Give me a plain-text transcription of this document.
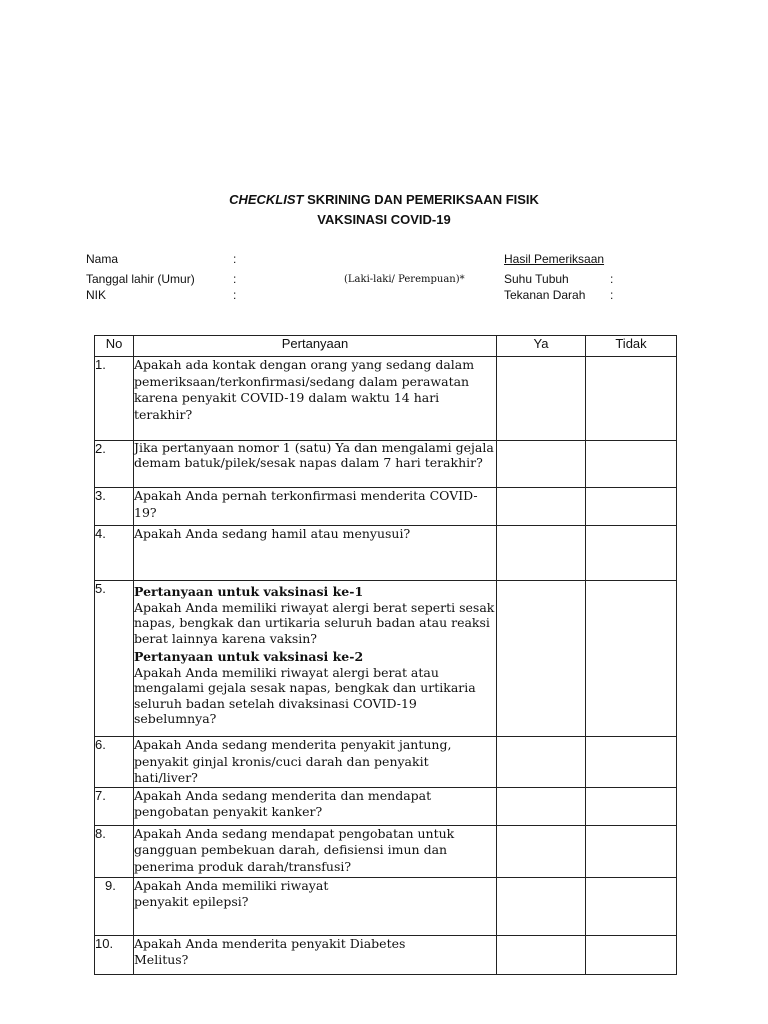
CHECKLIST SKRINING DAN PEMERIKSAAN FISIK
VAKSINASI COVID-19
Nama	:	Hasil Pemeriksaan
Tanggal lahir (Umur)	:	(Laki-laki/ Perempuan)*	Suhu Tubuh	:
NIK	:	Tekanan Darah :
No	Pertanyaan	Ya	Tidak
1.	Apakah ada kontak dengan orang yang sedang dalam pemeriksaan/terkonfirmasi/sedang dalam perawatan karena penyakit COVID-19 dalam waktu 14 hari terakhir?		
2.	Jika pertanyaan nomor 1 (satu) Ya dan mengalami gejala demam batuk/pilek/sesak napas dalam 7 hari terakhir?		
3.	Apakah Anda pernah terkonfirmasi menderita COVID-19?		
4.	Apakah Anda sedang hamil atau menyusui?		
5.	Pertanyaan untuk vaksinasi ke-1
Apakah Anda memiliki riwayat alergi berat seperti sesak napas, bengkak dan urtikaria seluruh badan atau reaksi berat lainnya karena vaksin?
Pertanyaan untuk vaksinasi ke-2
Apakah Anda memiliki riwayat alergi berat atau mengalami gejala sesak napas, bengkak dan urtikaria seluruh badan setelah divaksinasi COVID-19 sebelumnya?		

6.	Apakah Anda sedang menderita penyakit jantung, penyakit ginjal kronis/cuci darah dan penyakit hati/liver?		
7.	Apakah Anda sedang menderita dan mendapat pengobatan penyakit kanker?		
8.	Apakah Anda sedang mendapat pengobatan untuk gangguan pembekuan darah, defisiensi imun dan penerima produk darah/transfusi?		
9.	Apakah Anda memiliki riwayat penyakit epilepsi?		
10.	Apakah Anda menderita penyakit Diabetes Melitus?		
